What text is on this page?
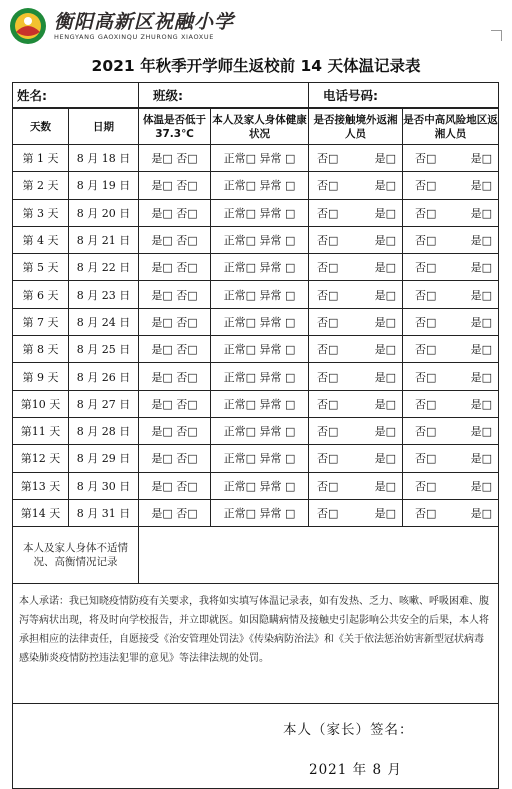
衡阳高新区祝融小学
HENGYANG GAOXINQU ZHURONG XIAOXUE
2021 年秋季开学师生返校前 14 天体温记录表
姓名:		班级:		电话号码:	
天数	日期	体温是否低于 37.3℃	本人及家人身体健康状况	是否接触境外返湘人员	是否中高风险地区返湘人员
第 1 天	8 月 18 日	是□ 否□	正常□ 异常 □	否□ 是□	否□ 是□

第 2 天	8 月 19 日	是□ 否□	正常□ 异常 □	否□ 是□	否□ 是□

第 3 天	8 月 20 日	是□ 否□	正常□ 异常 □	否□ 是□	否□ 是□

第 4 天	8 月 21 日	是□ 否□	正常□ 异常 □	否□ 是□	否□ 是□

第 5 天	8 月 22 日	是□ 否□	正常□ 异常 □	否□ 是□	否□ 是□

第 6 天	8 月 23 日	是□ 否□	正常□ 异常 □	否□ 是□	否□ 是□

第 7 天	8 月 24 日	是□ 否□	正常□ 异常 □	否□ 是□	否□ 是□

第 8 天	8 月 25 日	是□ 否□	正常□ 异常 □	否□ 是□	否□ 是□

第 9 天	8 月 26 日	是□ 否□	正常□ 异常 □	否□ 是□	否□ 是□

第10 天	8 月 27 日	是□ 否□	正常□ 异常 □	否□ 是□	否□ 是□

第11 天	8 月 28 日	是□ 否□	正常□ 异常 □	否□ 是□	否□ 是□

第12 天	8 月 29 日	是□ 否□	正常□ 异常 □	否□ 是□	否□ 是□

第13 天	8 月 30 日	是□ 否□	正常□ 异常 □	否□ 是□	否□ 是□

第14 天	8 月 31 日	是□ 否□	正常□ 异常 □	否□ 是□	否□ 是□

本人及家人身体不适情况、高衡情况记录					
本人承诺：我已知晓疫情防疫有关要求，我将如实填写体温记录表，如有发热、乏力、咳嗽、呼吸困难、腹泻等病状出现，将及时向学校报告，并立即就医。如因隐瞒病情及接触史引起影响公共安全的后果，本人将承担相应的法律责任，自愿接受《治安管理处罚法》《传染病防治法》和《关于依法惩治妨害新型冠状病毒感染肺炎疫情防控违法犯罪的意见》等法律法规的处罚。					

本人（家长）签名：
2021 年 8 月					
